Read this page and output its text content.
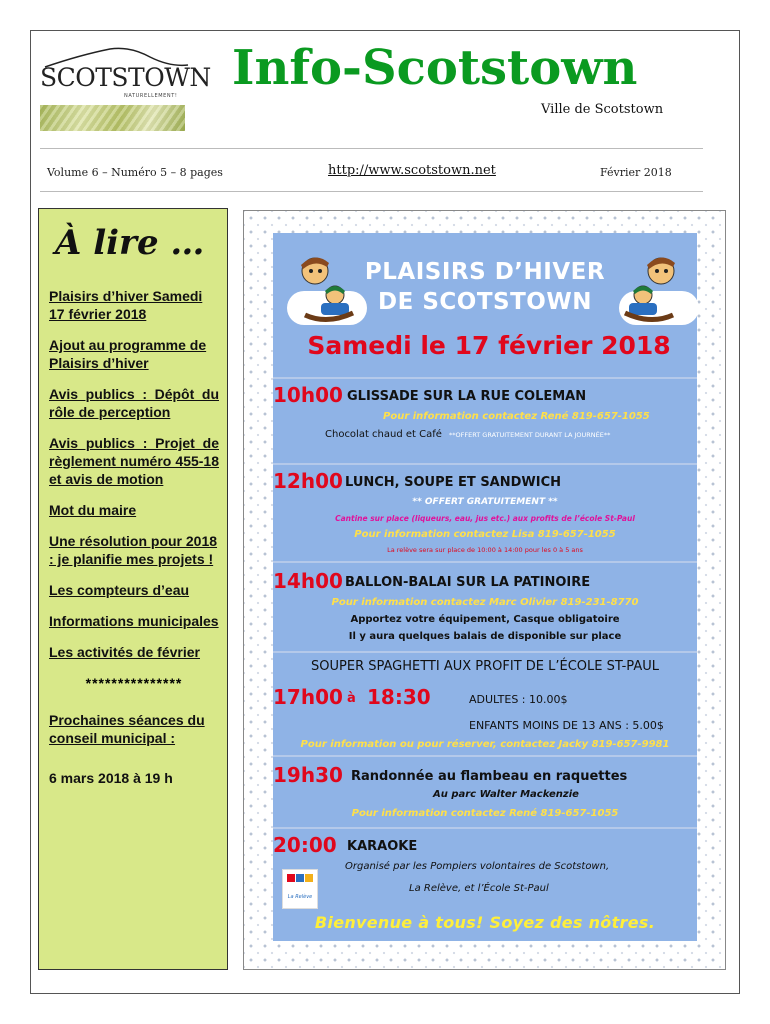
SCOTSTOWN
NATURELLEMENT! Info-Scotstown
Ville de Scotstown
Volume 6 – Numéro 5 – 8 pages	http://www.scotstown.net	Février 2018
À lire …
Plaisirs d’hiver Samedi 17 février 2018
Ajout au programme de Plaisirs d’hiver
Avis publics : Dépôt du rôle de perception
Avis publics : Projet de règlement numéro 455-18 et avis de motion
Mot du maire
Une résolution pour 2018 : je planifie mes projets !
Les compteurs d’eau
Informations municipales
Les activités de février
***************
Prochaines séances du conseil municipal :
6 mars 2018 à 19 h
PLAISIRS D’HIVER
DE SCOTSTOWN
Samedi le 17 février 2018
10h00 GLISSADE SUR LA RUE COLEMAN
Pour information contactez René 819-657-1055
Chocolat chaud et Café **OFFERT GRATUITEMENT DURANT LA JOURNÉE**
12h00 LUNCH, SOUPE ET SANDWICH
** OFFERT GRATUITEMENT **
Cantine sur place (liqueurs, eau, jus etc.) aux profits de l’école St-Paul
Pour information contactez Lisa 819-657-1055
La relève sera sur place de 10:00 à 14:00 pour les 0 à 5 ans
14h00 BALLON-BALAI SUR LA PATINOIRE
Pour information contactez Marc Olivier 819-231-8770
Apportez votre équipement, Casque obligatoire
Il y aura quelques balais de disponible sur place
SOUPER SPAGHETTI AUX PROFIT DE L’ÉCOLE ST-PAUL
17h00 à 18:30	ADULTES : 10.00$
ENFANTS MOINS DE 13 ANS : 5.00$
Pour information ou pour réserver, contactez Jacky 819-657-9981
19h30 Randonnée au flambeau en raquettes
Au parc Walter Mackenzie
Pour information contactez René 819-657-1055
20:00 KARAOKE
Organisé par les Pompiers volontaires de Scotstown,
La Relève, et l’École St-Paul
La Relève
Bienvenue à tous! Soyez des nôtres.
